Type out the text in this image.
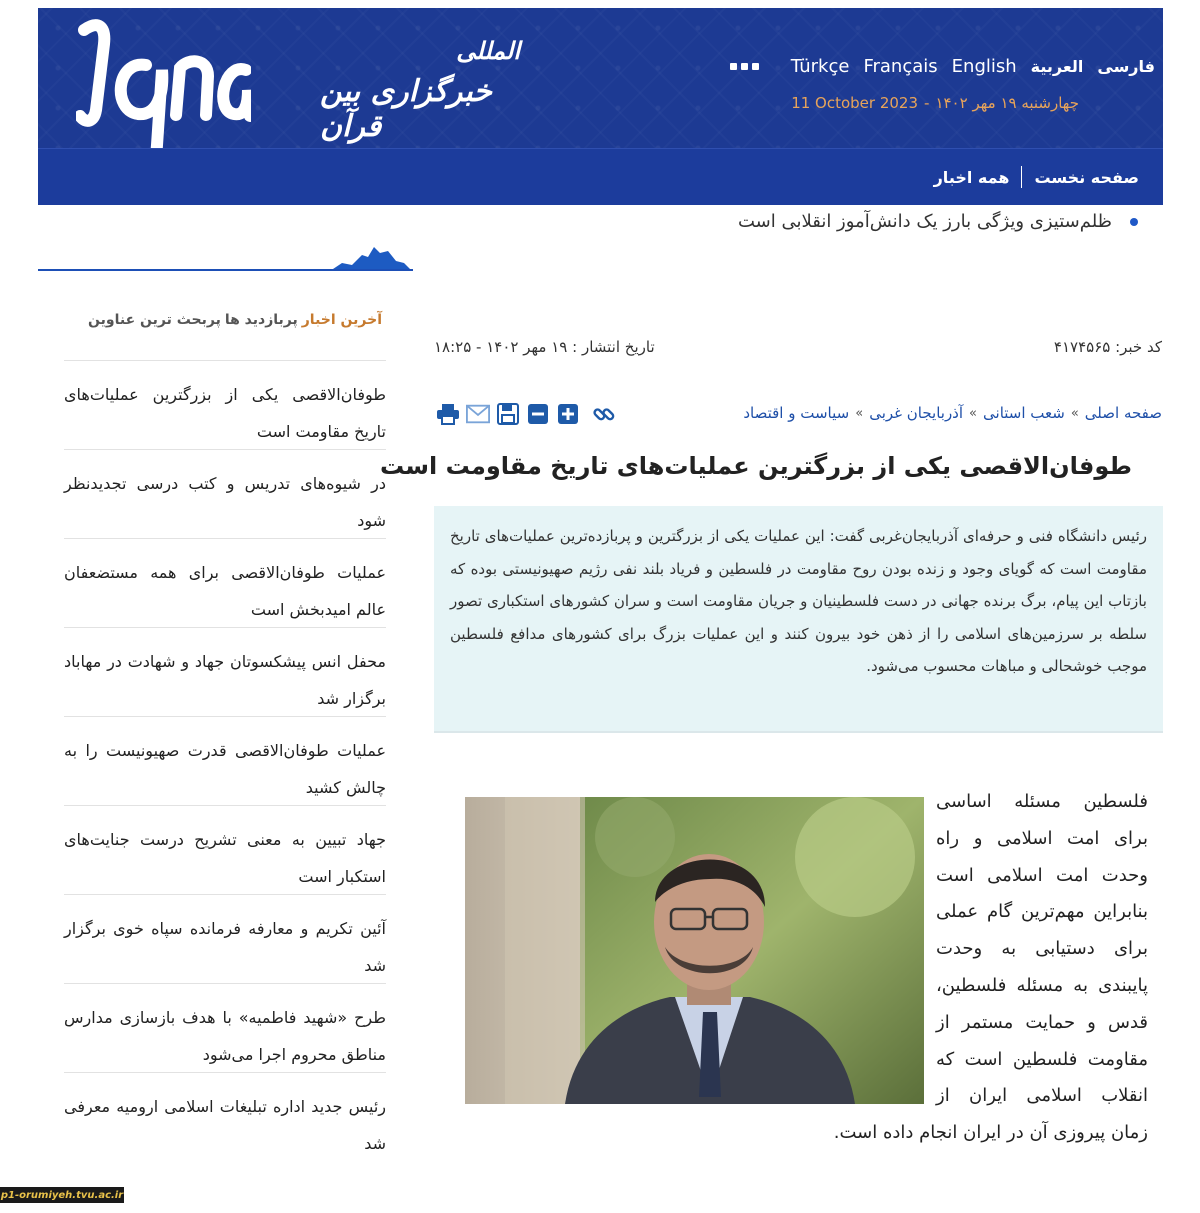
المللی
خبرگزاری بین قرآن
فارسی
العربية
English
Français
Türkçe
چهارشنبه ۱۹ مهر ۱۴۰۲
-
11 October 2023
صفحه نخست
همه اخبار
ظلم‌ستیزی ویژگی بارز یک دانش‌آموز انقلابی است
آخرین اخبار
پربازدید ها
پربحث ترین عناوین
طوفان‌الاقصی یکی از بزرگترین عملیات‌های تاریخ مقاومت است
در شیوه‌های تدریس و کتب درسی تجدیدنظر شود
عملیات طوفان‌الاقصی برای همه مستضعفان عالم امیدبخش است
محفل انس پیشکسوتان جهاد و شهادت در مهاباد برگزار شد
عملیات طوفان‌الاقصی قدرت صهیونیست را به چالش کشید
جهاد تبیین به معنی تشریح درست جنایت‌های استکبار است
آئین تکریم و معارفه فرمانده سپاه خوی برگزار شد
طرح «شهید فاطمیه» با هدف بازسازی مدارس مناطق محروم اجرا می‌شود
رئیس جدید اداره تبلیغات اسلامی ارومیه معرفی شد
کد خبر: ۴۱۷۴۵۶۵
تاریخ انتشار : ۱۹ مهر ۱۴۰۲ - ۱۸:۲۵
صفحه اصلی
»
شعب استانی
»
آذربایجان غربی
»
سیاست و اقتصاد
طوفان‌الاقصی یکی از بزرگترین عملیات‌های تاریخ مقاومت است
رئیس دانشگاه فنی و حرفه‌ای آذربایجان‌غربی گفت: این عملیات یکی از بزرگترین و پربازده‌ترین عملیات‌های تاریخ مقاومت است که گویای وجود و زنده بودن روح مقاومت در فلسطین و فریاد بلند نفی رژیم صهیونیستی بوده که بازتاب این پیام، برگ برنده جهانی در دست فلسطینیان و جریان مقاومت است و سران کشورهای استکباری تصور سلطه بر سرزمین‌های اسلامی را از ذهن خود بیرون کنند و این عملیات بزرگ برای کشورهای مدافع فلسطین موجب خوشحالی و مباهات محسوب می‌شود.
فلسطین مسئله اساسی برای امت اسلامی و راه وحدت امت اسلامی است بنابراین مهم‌ترین گام عملی برای دستیابی به وحدت پایبندی به مسئله فلسطین، قدس و حمایت مستمر از مقاومت فلسطین است که انقلاب اسلامی ایران از
زمان پیروزی آن در ایران انجام داده است.
p1-orumiyeh.tvu.ac.ir
